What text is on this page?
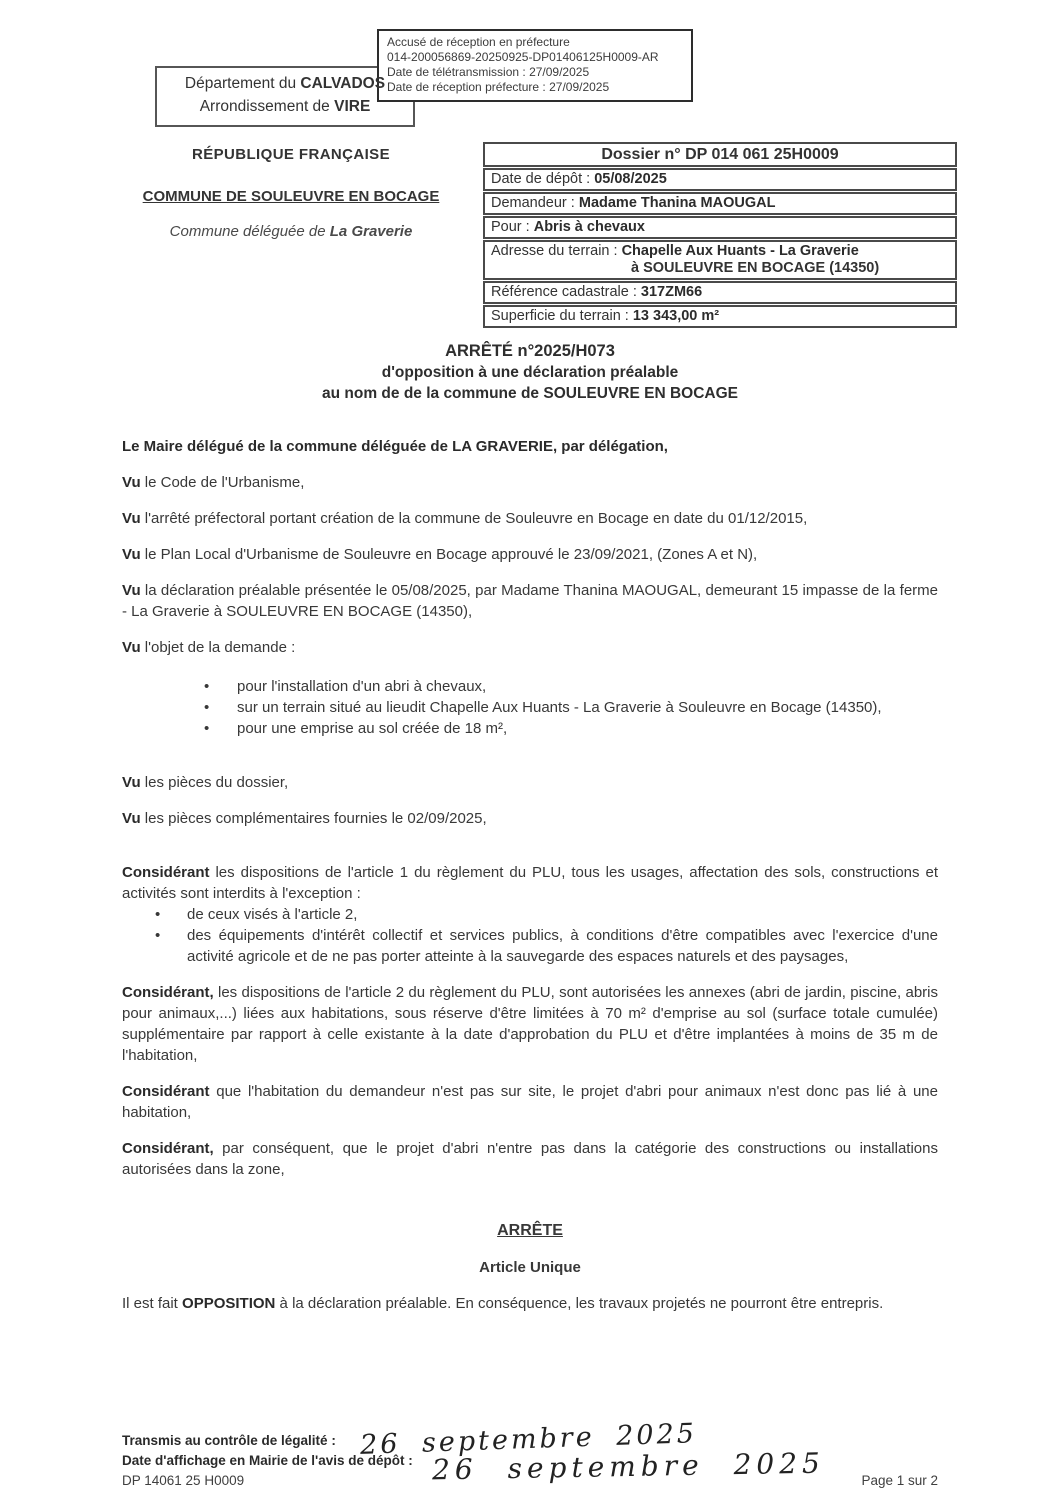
Accusé de réception en préfecture
014-200056869-20250925-DP01406125H0009-AR
Date de télétransmission : 27/09/2025
Date de réception préfecture : 27/09/2025
Département du CALVADOS
Arrondissement de VIRE
RÉPUBLIQUE FRANÇAISE
COMMUNE DE SOULEUVRE EN BOCAGE
Commune déléguée de La Graverie
Dossier n° DP 014 061 25H0009
Date de dépôt : 05/08/2025
Demandeur : Madame Thanina MAOUGAL
Pour : Abris à chevaux
Adresse du terrain : Chapelle Aux Huants - La Graverie
à SOULEUVRE EN BOCAGE (14350)
Référence cadastrale : 317ZM66
Superficie du terrain : 13 343,00 m²
ARRÊTÉ n°2025/H073
d'opposition à une déclaration préalable
au nom de de la commune de SOULEUVRE EN BOCAGE

Le Maire délégué de la commune déléguée de LA GRAVERIE, par délégation,

Vu le Code de l'Urbanisme,

Vu l'arrêté préfectoral portant création de la commune de Souleuvre en Bocage en date du 01/12/2015,

Vu le Plan Local d'Urbanisme de Souleuvre en Bocage approuvé le 23/09/2021, (Zones A et N),

Vu la déclaration préalable présentée le 05/08/2025, par Madame Thanina MAOUGAL, demeurant 15 impasse de la ferme - La Graverie à SOULEUVRE EN BOCAGE (14350),

Vu l'objet de la demande :

• pour l'installation d'un abri à chevaux,
• sur un terrain situé au lieudit Chapelle Aux Huants - La Graverie à Souleuvre en Bocage (14350),
• pour une emprise au sol créée de 18 m²,

Vu les pièces du dossier,

Vu les pièces complémentaires fournies le 02/09/2025,

Considérant les dispositions de l'article 1 du règlement du PLU, tous les usages, affectation des sols, constructions et activités sont interdits à l'exception :

• de ceux visés à l'article 2,
• des équipements d'intérêt collectif et services publics, à conditions d'être compatibles avec l'exercice d'une activité agricole et de ne pas porter atteinte à la sauvegarde des espaces naturels et des paysages,

Considérant, les dispositions de l'article 2 du règlement du PLU, sont autorisées les annexes (abri de jardin, piscine, abris pour animaux,...) liées aux habitations, sous réserve d'être limitées à 70 m² d'emprise au sol (surface totale cumulée) supplémentaire par rapport à celle existante à la date d'approbation du PLU et d'être implantées à moins de 35 m de l'habitation,

Considérant que l'habitation du demandeur n'est pas sur site, le projet d'abri pour animaux n'est donc pas lié à une habitation,

Considérant, par conséquent, que le projet d'abri n'entre pas dans la catégorie des constructions ou installations autorisées dans la zone,

ARRÊTE

Article Unique

Il est fait OPPOSITION à la déclaration préalable. En conséquence, les travaux projetés ne pourront être entrepris.

Transmis au contrôle de légalité :
Date d'affichage en Mairie de l'avis de dépôt :
DP 14061 25 H0009	Page 1 sur 2
26 septembre 2025
26 septembre 2025
